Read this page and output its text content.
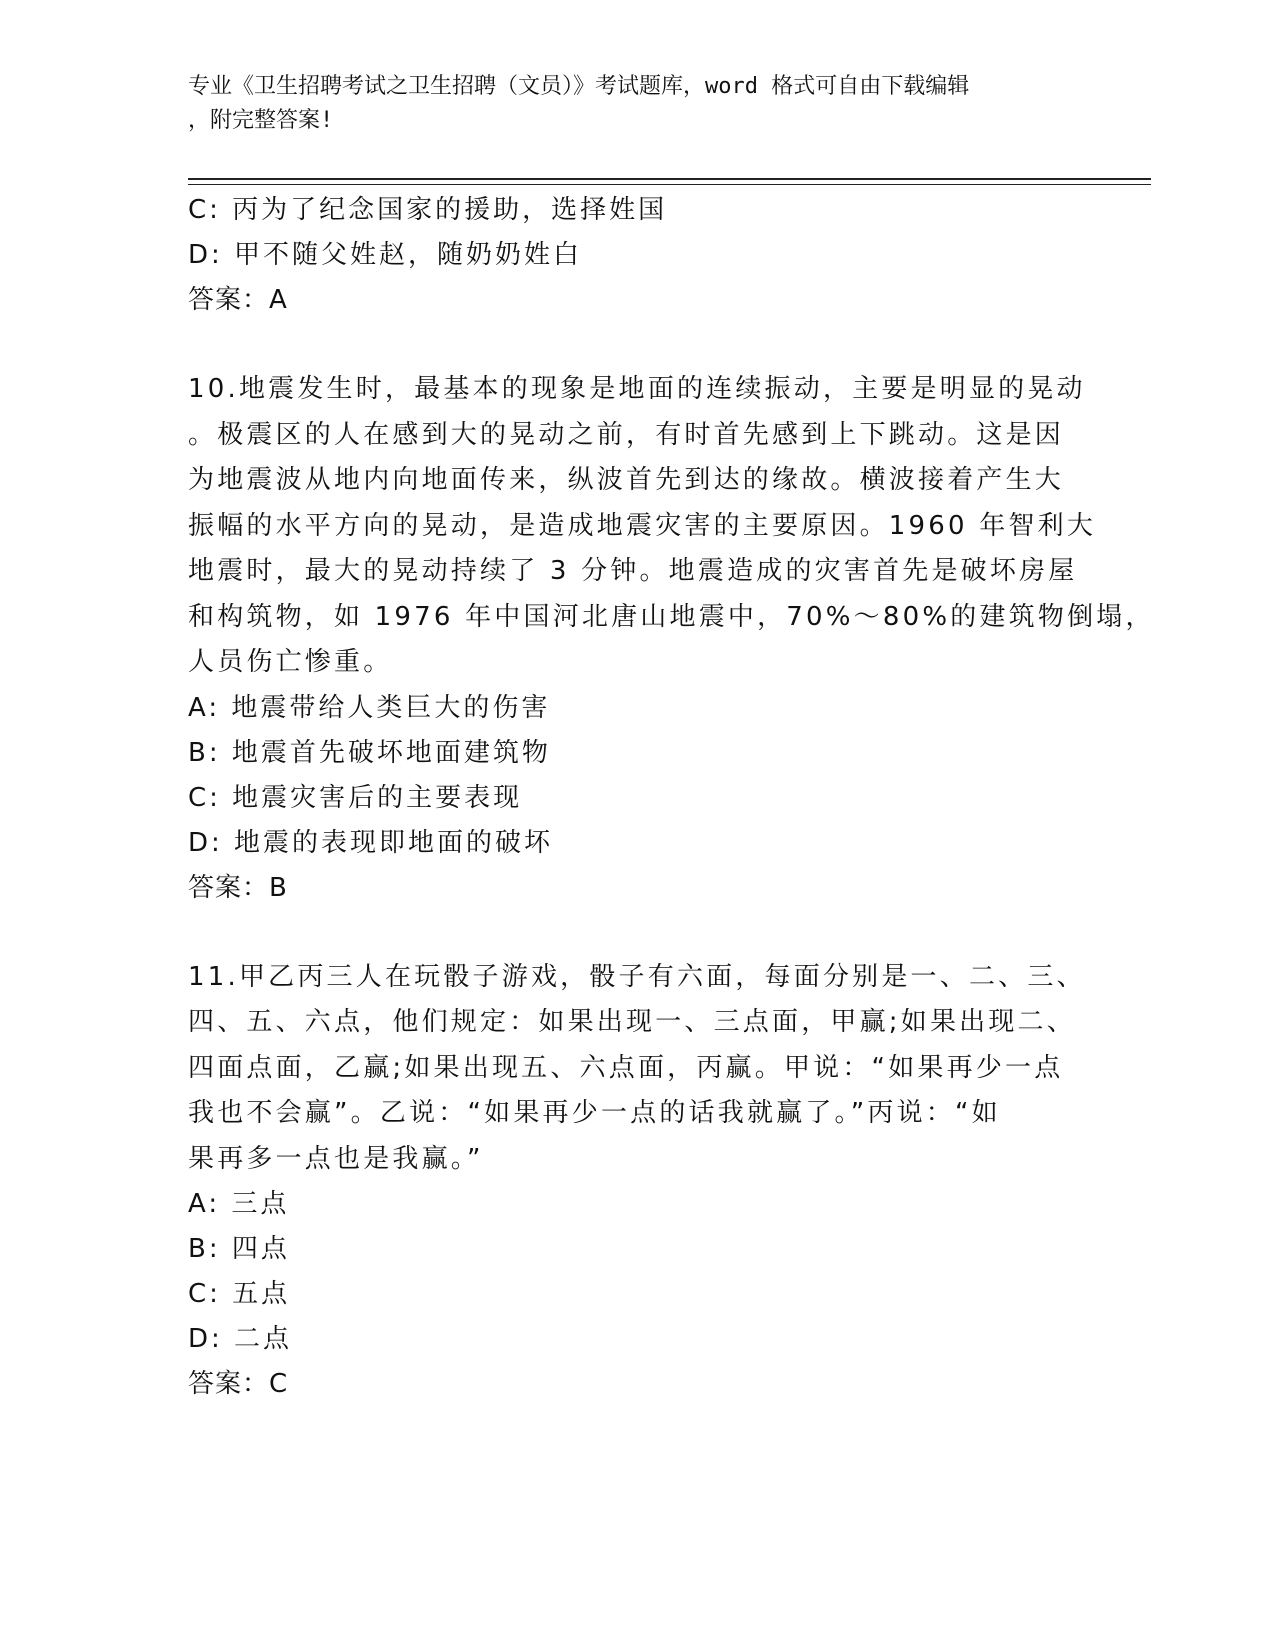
专业《卫生招聘考试之卫生招聘（文员）》考试题库，word 格式可自由下载编辑
，附完整答案!
C: 丙为了纪念国家的援助，选择姓国
D: 甲不随父姓赵，随奶奶姓白
答案：A
10.地震发生时，最基本的现象是地面的连续振动，主要是明显的晃动
。极震区的人在感到大的晃动之前，有时首先感到上下跳动。这是因
为地震波从地内向地面传来，纵波首先到达的缘故。横波接着产生大
振幅的水平方向的晃动，是造成地震灾害的主要原因。1960 年智利大
地震时，最大的晃动持续了 3 分钟。地震造成的灾害首先是破坏房屋
和构筑物，如 1976 年中国河北唐山地震中，70%～80%的建筑物倒塌，
人员伤亡惨重。
A: 地震带给人类巨大的伤害
B: 地震首先破坏地面建筑物
C: 地震灾害后的主要表现
D: 地震的表现即地面的破坏
答案：B
11.甲乙丙三人在玩骰子游戏，骰子有六面，每面分别是一、二、三、
四、五、六点，他们规定：如果出现一、三点面，甲赢;如果出现二、
四面点面，乙赢;如果出现五、六点面，丙赢。甲说：“如果再少一点
我也不会赢”。乙说：“如果再少一点的话我就赢了。”丙说：“如
果再多一点也是我赢。”
A: 三点
B: 四点
C: 五点
D: 二点
答案：C
